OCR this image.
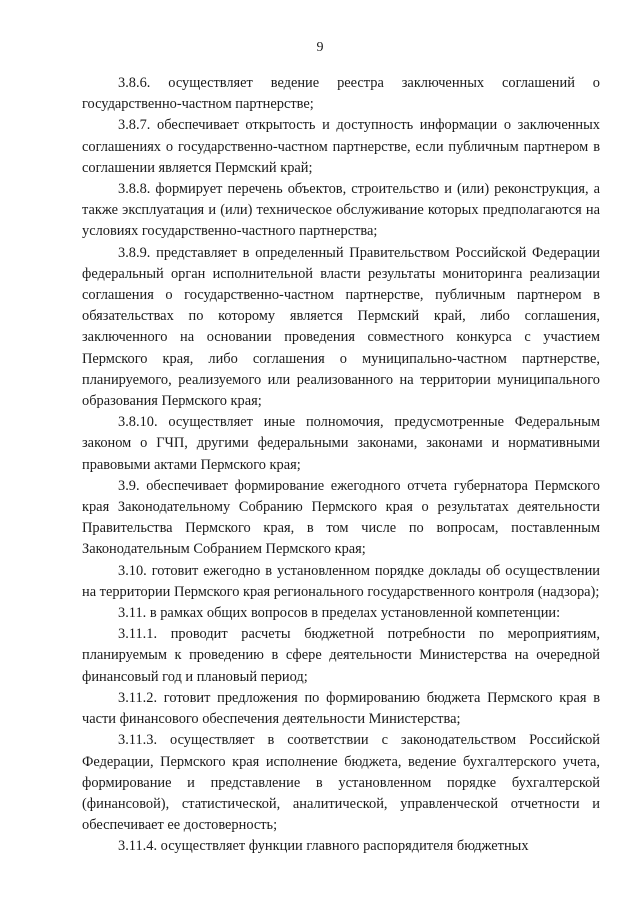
9

3.8.6. осуществляет ведение реестра заключенных соглашений о государственно-частном партнерстве;

3.8.7. обеспечивает открытость и доступность информации о заключенных соглашениях о государственно-частном партнерстве, если публичным партнером в соглашении является Пермский край;

3.8.8. формирует перечень объектов, строительство и (или) реконструкция, а также эксплуатация и (или) техническое обслуживание которых предполагаются на условиях государственно-частного партнерства;

3.8.9. представляет в определенный Правительством Российской Федерации федеральный орган исполнительной власти результаты мониторинга реализации соглашения о государственно-частном партнерстве, публичным партнером в обязательствах по которому является Пермский край, либо соглашения, заключенного на основании проведения совместного конкурса с участием Пермского края, либо соглашения о муниципально-частном партнерстве, планируемого, реализуемого или реализованного на территории муниципального образования Пермского края;

3.8.10. осуществляет иные полномочия, предусмотренные Федеральным законом о ГЧП, другими федеральными законами, законами и нормативными правовыми актами Пермского края;

3.9. обеспечивает формирование ежегодного отчета губернатора Пермского края Законодательному Собранию Пермского края о результатах деятельности Правительства Пермского края, в том числе по вопросам, поставленным Законодательным Собранием Пермского края;

3.10. готовит ежегодно в установленном порядке доклады об осуществлении на территории Пермского края регионального государственного контроля (надзора);

3.11. в рамках общих вопросов в пределах установленной компетенции:

3.11.1. проводит расчеты бюджетной потребности по мероприятиям, планируемым к проведению в сфере деятельности Министерства на очередной финансовый год и плановый период;

3.11.2. готовит предложения по формированию бюджета Пермского края в части финансового обеспечения деятельности Министерства;

3.11.3. осуществляет в соответствии с законодательством Российской Федерации, Пермского края исполнение бюджета, ведение бухгалтерского учета, формирование и представление в установленном порядке бухгалтерской (финансовой), статистической, аналитической, управленческой отчетности и обеспечивает ее достоверность;

3.11.4. осуществляет функции главного распорядителя бюджетных
